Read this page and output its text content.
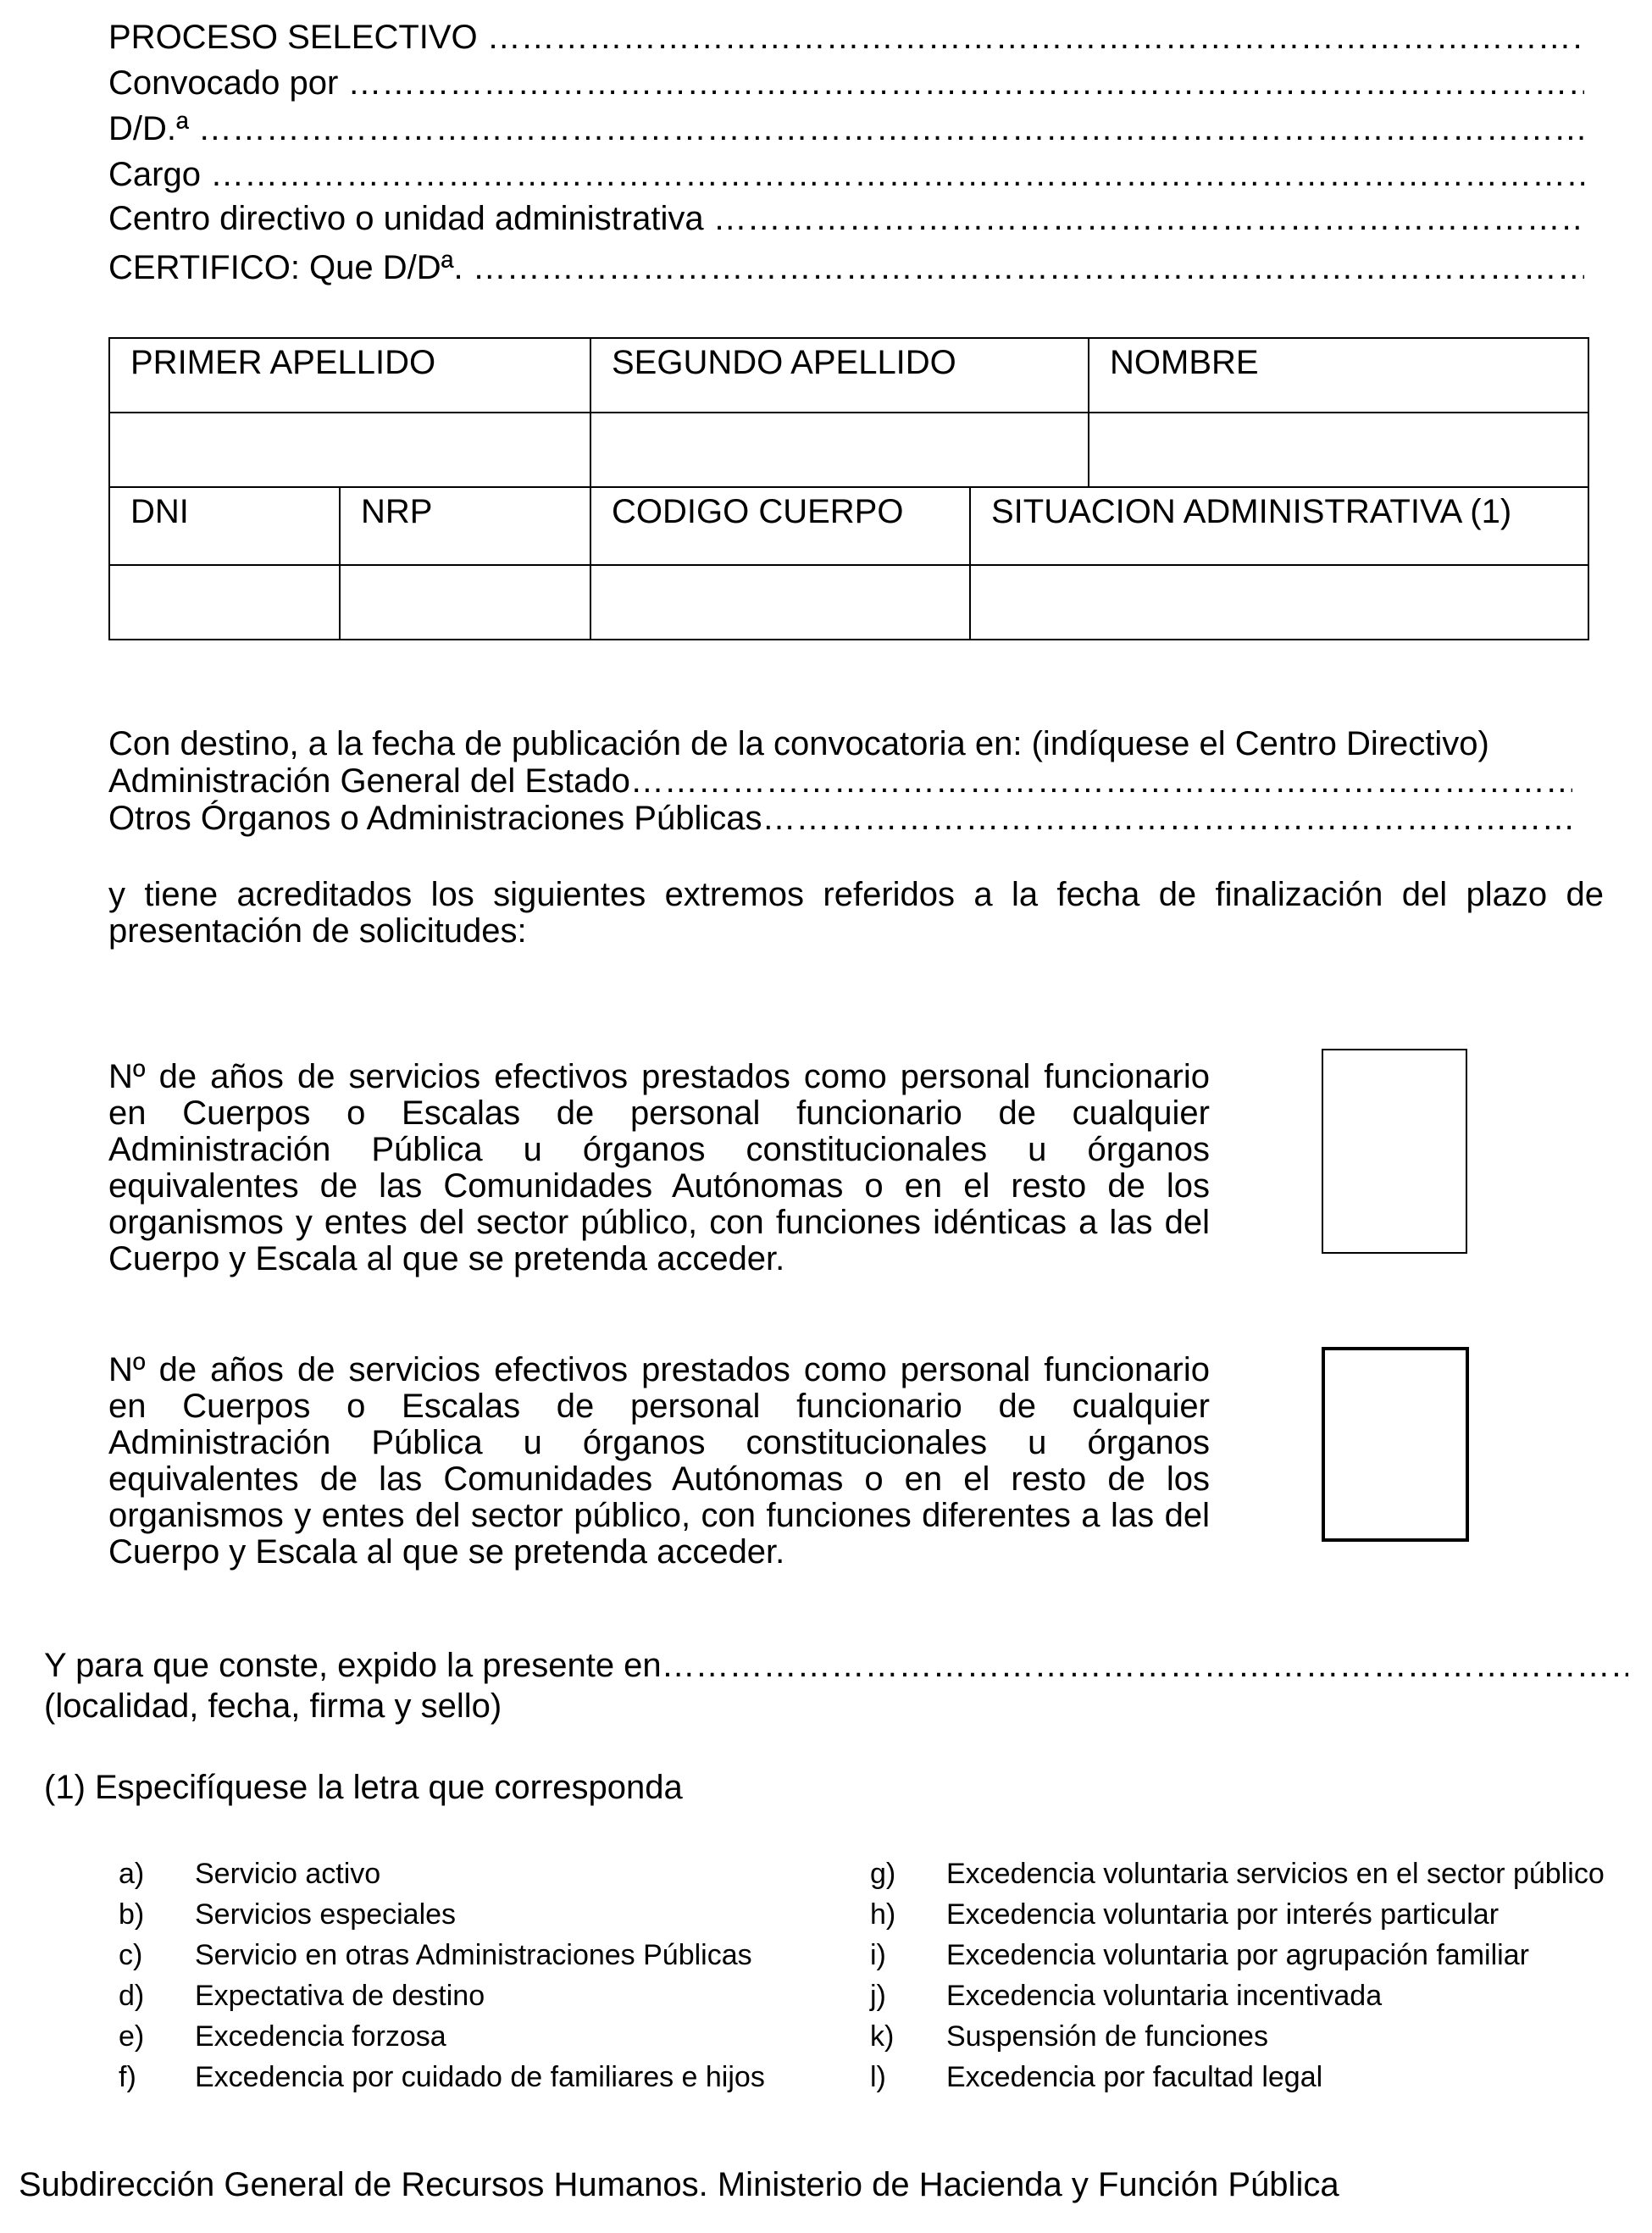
PROCESO SELECTIVO ………………………………………………………………………………………………………………………………………………………………………………………………………………………
Convocado por ………………………………………………………………………………………………………………………………………………………………………………………………………………………
D/D.ª ………………………………………………………………………………………………………………………………………………………………………………………………………………………
Cargo ………………………………………………………………………………………………………………………………………………………………………………………………………………………
Centro directivo o unidad administrativa ………………………………………………………………………………………………………………………………………………………………………………………………………………………
CERTIFICO: Que D/Dª. ………………………………………………………………………………………………………………………………………………………………………………………………………………………
PRIMER APELLIDO		SEGUNDO APELLIDO		NOMBRE

DNI	NRP	CODIGO CUERPO	SITUACION ADMINISTRATIVA (1)	

Con destino, a la fecha de publicación de la convocatoria en: (indíquese el Centro Directivo)
Administración General del Estado ……………………………………………………………………………………………………………………………………………………………………………
Otros Órganos o Administraciones Públicas ……………………………………………………………………………………………………………………………………………………………………………
y tiene acreditados los siguientes extremos referidos a la fecha de finalización del plazo de presentación de solicitudes:
Nº de años de servicios efectivos prestados como personal funcionario en Cuerpos o Escalas de personal funcionario de cualquier Administración Pública u órganos constitucionales u órganos equivalentes de las Comunidades Autónomas o en el resto de los organismos y entes del sector público, con funciones idénticas a las del Cuerpo y Escala al que se pretenda acceder.
Nº de años de servicios efectivos prestados como personal funcionario en Cuerpos o Escalas de personal funcionario de cualquier Administración Pública u órganos constitucionales u órganos equivalentes de las Comunidades Autónomas o en el resto de los organismos y entes del sector público, con funciones diferentes a las del Cuerpo y Escala al que se pretenda acceder.
Y para que conste, expido la presente en ……………………………………………………………………………………………………………………………………………………………………………
(localidad, fecha, firma y sello)
(1) Especifíquese la letra que corresponda
a) Servicio activo
b) Servicios especiales
c) Servicio en otras Administraciones Públicas
d) Expectativa de destino
e) Excedencia forzosa
f) Excedencia por cuidado de familiares e hijos
g) Excedencia voluntaria servicios en el sector público
h) Excedencia voluntaria por interés particular
i) Excedencia voluntaria por agrupación familiar
j) Excedencia voluntaria incentivada
k) Suspensión de funciones
l) Excedencia por facultad legal
Subdirección General de Recursos Humanos. Ministerio de Hacienda y Función Pública
